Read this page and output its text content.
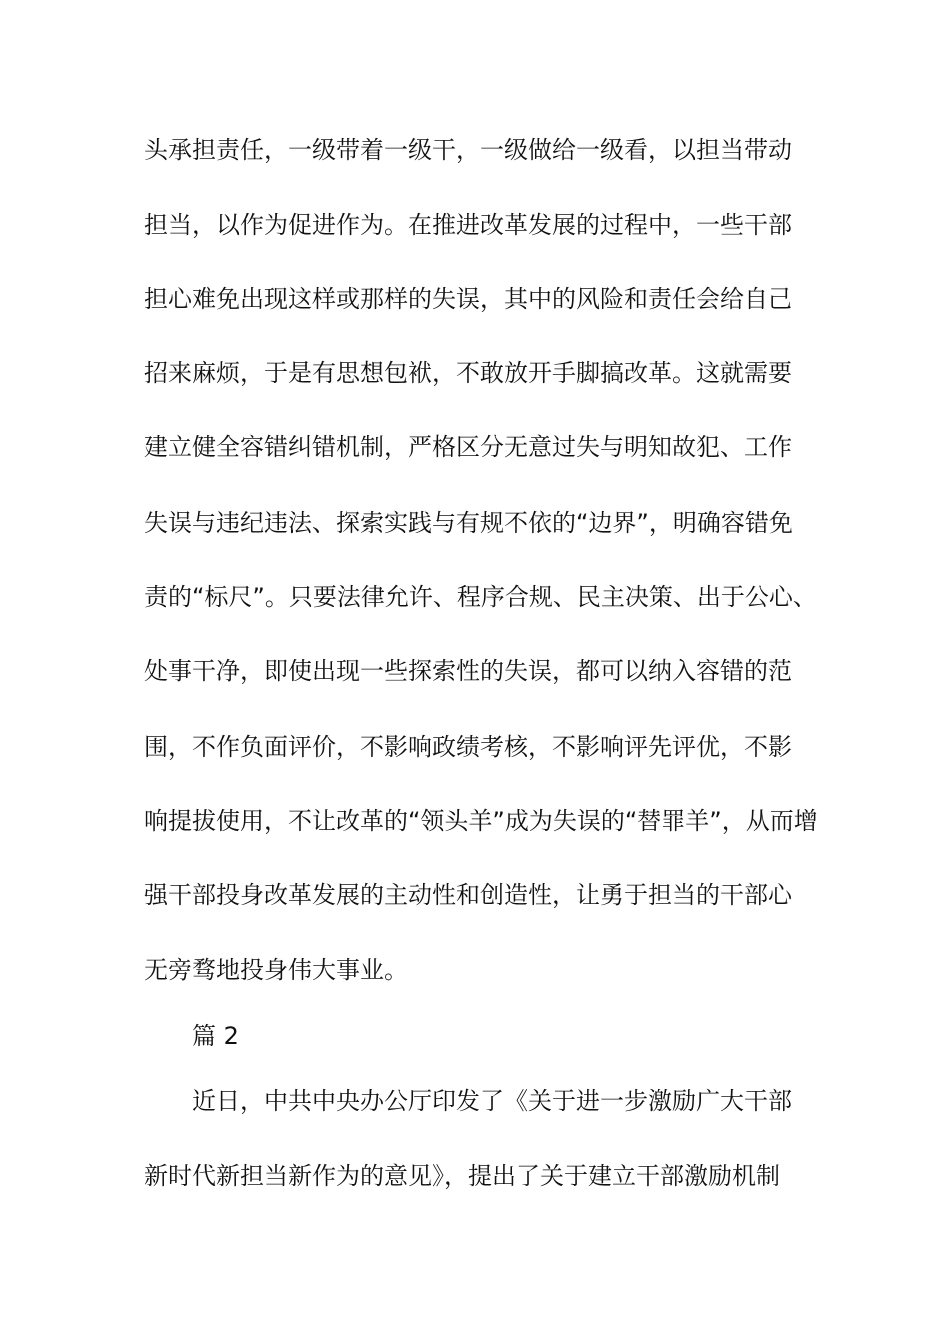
头承担责任，一级带着一级干，一级做给一级看，以担当带动
担当，以作为促进作为。在推进改革发展的过程中，一些干部
担心难免出现这样或那样的失误，其中的风险和责任会给自己
招来麻烦，于是有思想包袱，不敢放开手脚搞改革。这就需要
建立健全容错纠错机制，严格区分无意过失与明知故犯、工作
失误与违纪违法、探索实践与有规不依的“边界”，明确容错免
责的“标尺”。只要法律允许、程序合规、民主决策、出于公心、
处事干净，即使出现一些探索性的失误，都可以纳入容错的范
围，不作负面评价，不影响政绩考核，不影响评先评优，不影
响提拔使用，不让改革的“领头羊”成为失误的“替罪羊”，从而增
强干部投身改革发展的主动性和创造性，让勇于担当的干部心
无旁骛地投身伟大事业。
篇 2
近日，中共中央办公厅印发了《关于进一步激励广大干部
新时代新担当新作为的意见》，提出了关于建立干部激励机制
